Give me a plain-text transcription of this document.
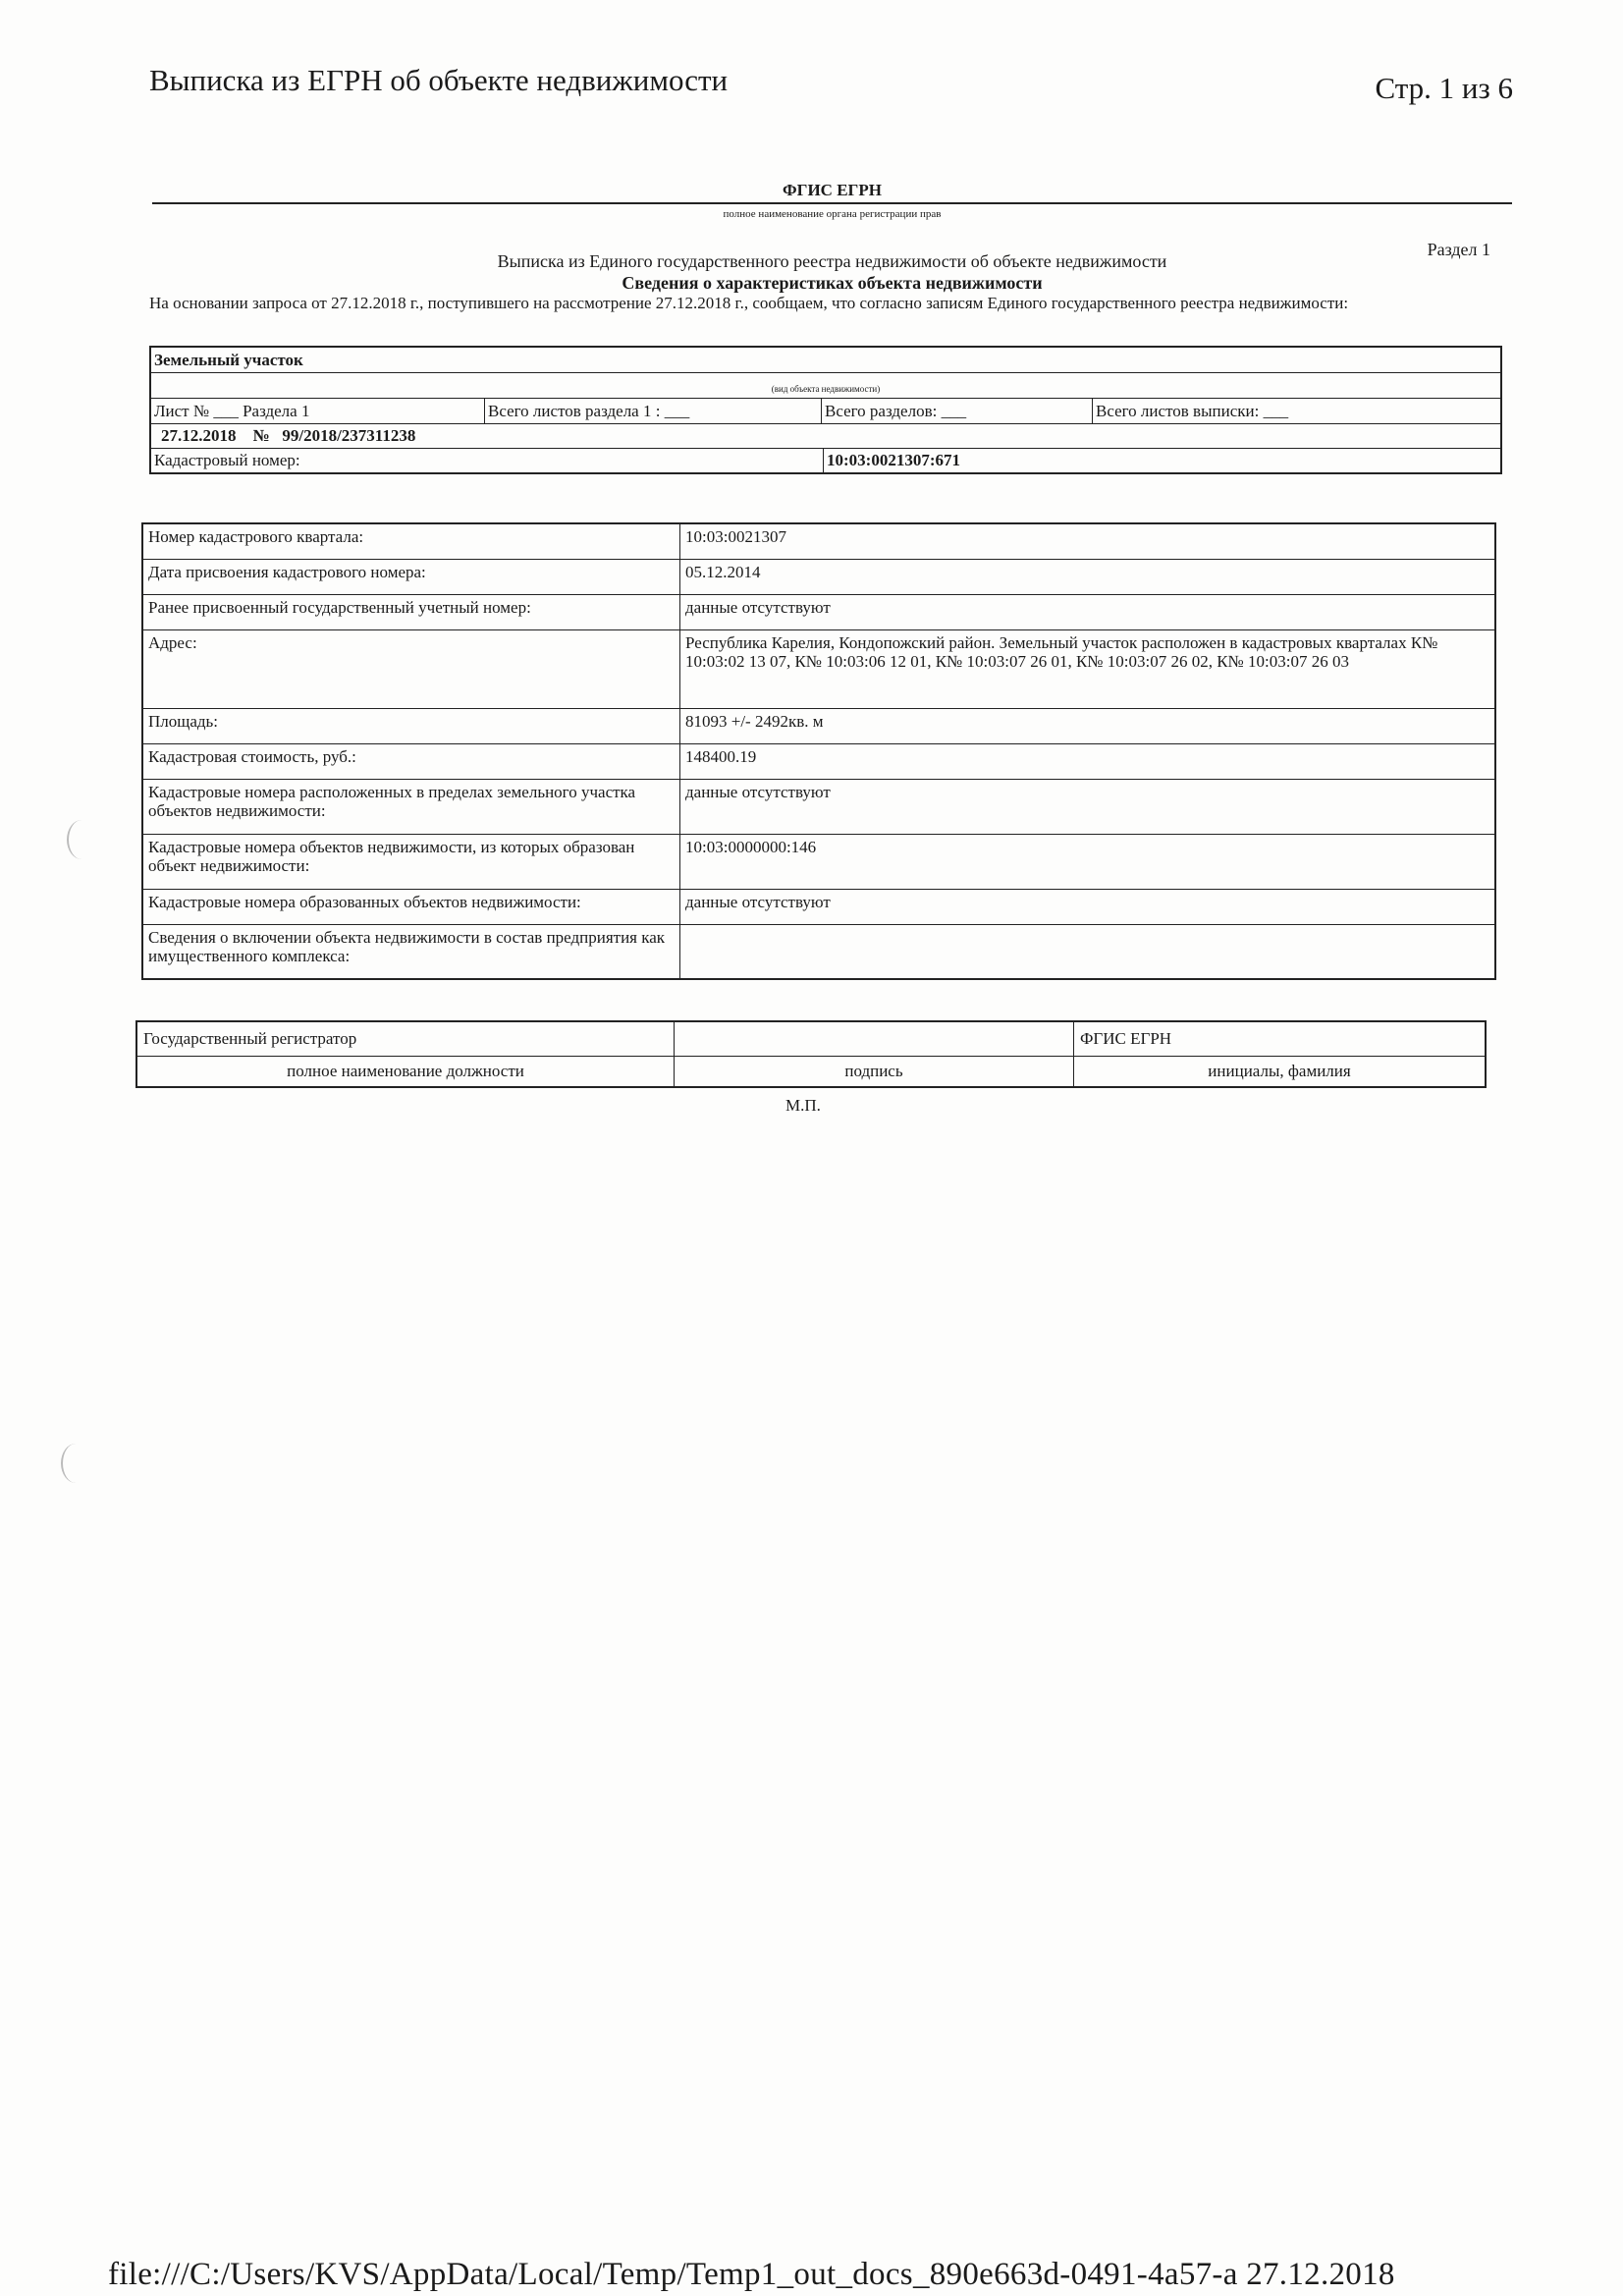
Выписка из ЕГРН об объекте недвижимости	Стр. 1 из 6
ФГИС ЕГРН
полное наименование органа регистрации прав
Раздел 1
Выписка из Единого государственного реестра недвижимости об объекте недвижимости
Сведения о характеристиках объекта недвижимости
На основании запроса от 27.12.2018 г., поступившего на рассмотрение 27.12.2018 г., сообщаем, что согласно записям Единого государственного реестра недвижимости:
Земельный участок
(вид объекта недвижимости)
Лист № ___ Раздела 1	Всего листов раздела 1 : ___	Всего разделов: ___	Всего листов выписки: ___
27.12.2018 № 99/2018/237311238
Кадастровый номер:	10:03:0021307:671
Номер кадастрового квартала:	10:03:0021307
Дата присвоения кадастрового номера:	05.12.2014
Ранее присвоенный государственный учетный номер:	данные отсутствуют
Адрес:	Республика Карелия, Кондопожский район. Земельный участок расположен в кадастровых кварталах К№ 10:03:02 13 07, К№ 10:03:06 12 01, К№ 10:03:07 26 01, К№ 10:03:07 26 02, К№ 10:03:07 26 03
Площадь:	81093 +/- 2492кв. м
Кадастровая стоимость, руб.:	148400.19
Кадастровые номера расположенных в пределах земельного участка объектов недвижимости:	данные отсутствуют
Кадастровые номера объектов недвижимости, из которых образован объект недвижимости:	10:03:0000000:146
Кадастровые номера образованных объектов недвижимости:	данные отсутствуют
Сведения о включении объекта недвижимости в состав предприятия как имущественного комплекса:	
Государственный регистратор		ФГИС ЕГРН
полное наименование должности	подпись	инициалы, фамилия
М.П.
file:///C:/Users/KVS/AppData/Local/Temp/Temp1_out_docs_890e663d-0491-4a57-a 27.12.2018
